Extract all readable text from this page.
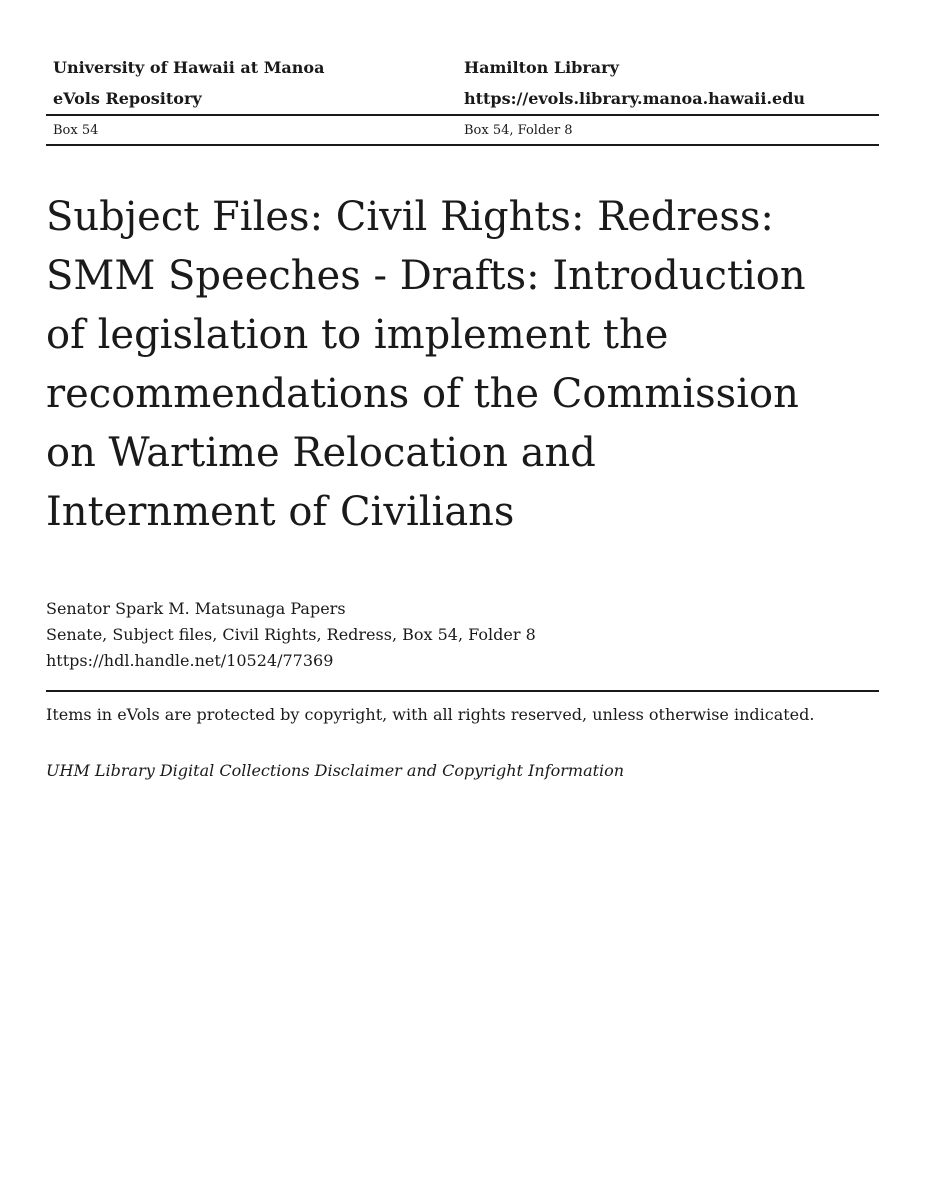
University of Hawaii at Manoa	Hamilton Library
eVols Repository	https://evols.library.manoa.hawaii.edu
Box 54	Box 54, Folder 8
Subject Files: Civil Rights: Redress: SMM Speeches - Drafts: Introduction of legislation to implement the recommendations of the Commission on Wartime Relocation and Internment of Civilians
Senator Spark M. Matsunaga Papers
Senate, Subject files, Civil Rights, Redress, Box 54, Folder 8
https://hdl.handle.net/10524/77369
Items in eVols are protected by copyright, with all rights reserved, unless otherwise indicated.
UHM Library Digital Collections Disclaimer and Copyright Information
